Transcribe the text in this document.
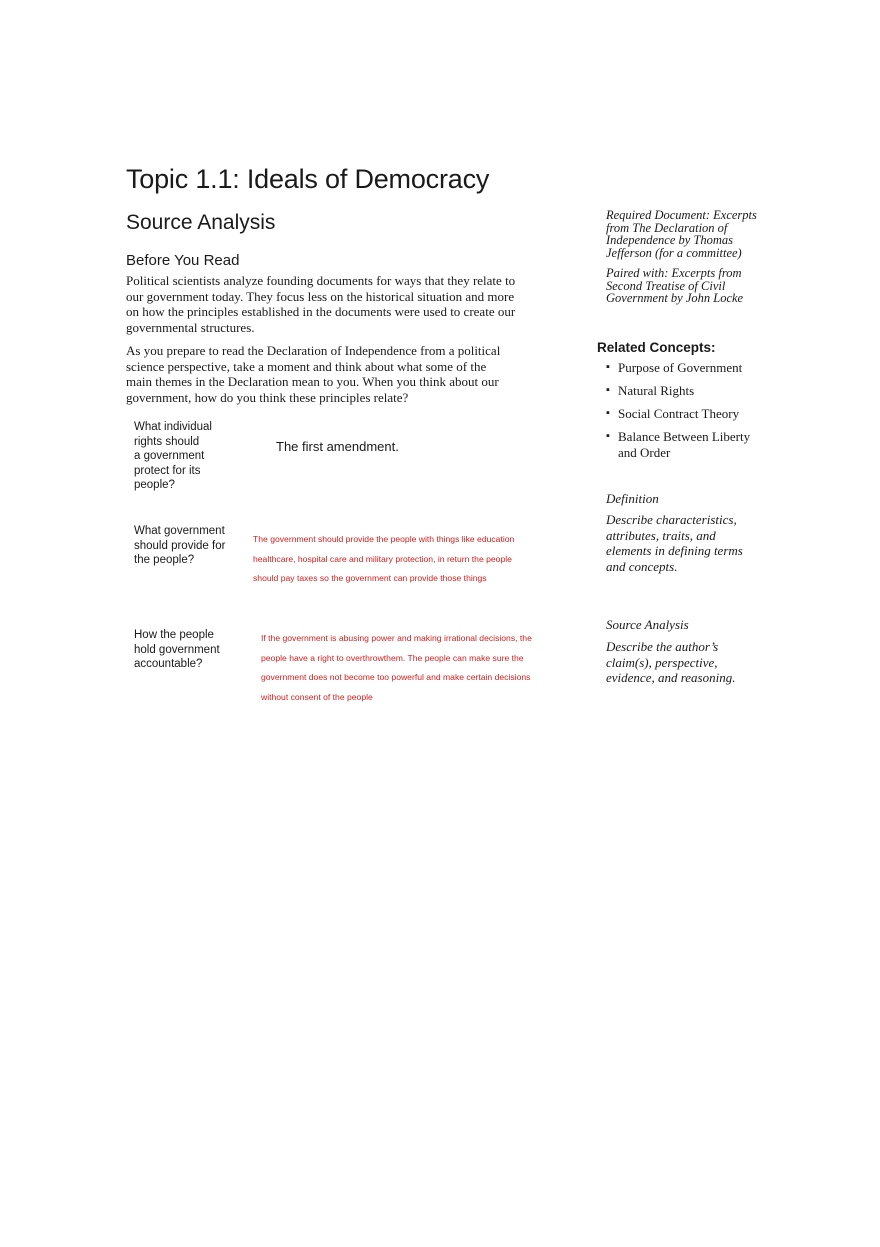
Topic 1.1: Ideals of Democracy
Source Analysis
Before You Read
Political scientists analyze founding documents for ways that they relate to
our government today. They focus less on the historical situation and more
on how the principles established in the documents were used to create our
governmental structures.
As you prepare to read the Declaration of Independence from a political
science perspective, take a moment and think about what some of the
main themes in the Declaration mean to you. When you think about our
government, how do you think these principles relate?
What individual
rights should
a government
protect for its
people?
The first amendment.
What government
should provide for
the people?
The government should provide the people with things like education
healthcare, hospital care and military protection, in return the people
should pay taxes so the government can provide those things
How the people
hold government
accountable?
If the government is abusing power and making irrational decisions, the
people have a right to overthrowthem. The people can make sure the
government does not become too powerful and make certain decisions
without consent of the people
Required Document: Excerpts
from The Declaration of
Independence by Thomas
Jefferson (for a committee)
Paired with: Excerpts from
Second Treatise of Civil
Government by John Locke
Related Concepts:
▪ Purpose of Government
▪ Natural Rights
▪ Social Contract Theory
▪ Balance Between Liberty
and Order
Definition
Describe characteristics,
attributes, traits, and
elements in defining terms
and concepts.
Source Analysis
Describe the author’s
claim(s), perspective,
evidence, and reasoning.
